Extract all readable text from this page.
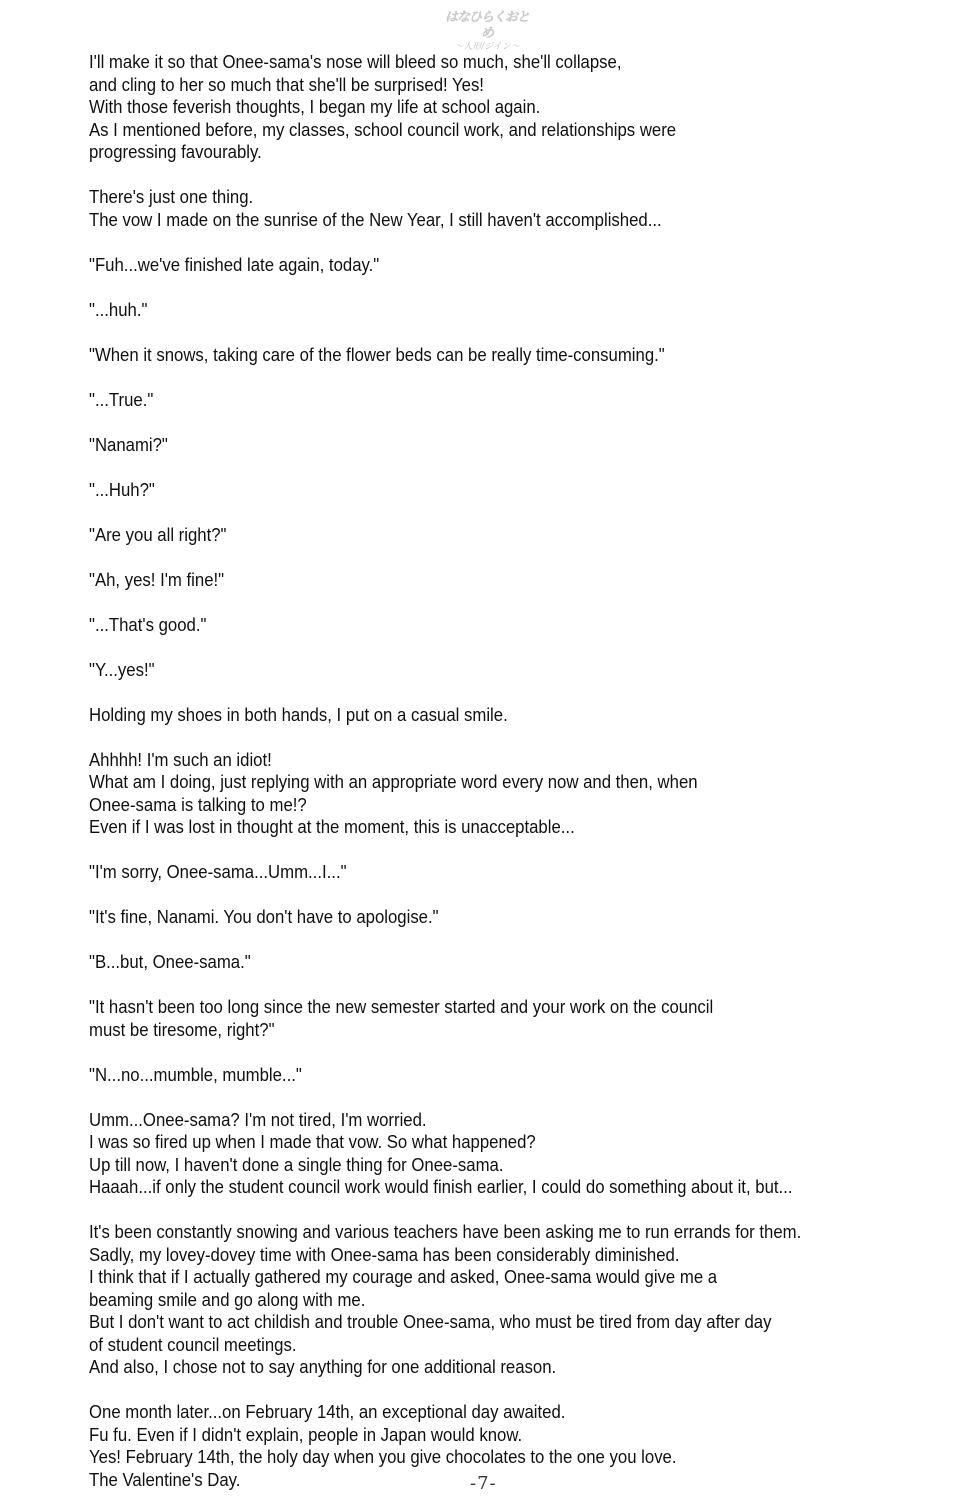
はなひらくおとめ
〜人形/ジイン〜
I'll make it so that Onee-sama's nose will bleed so much, she'll collapse,
and cling to her so much that she'll be surprised! Yes!
With those feverish thoughts, I began my life at school again.
As I mentioned before, my classes, school council work, and relationships were
progressing favourably.
There's just one thing.
The vow I made on the sunrise of the New Year, I still haven't accomplished...
"Fuh...we've finished late again, today."
"...huh."
"When it snows, taking care of the flower beds can be really time-consuming."
"...True."
"Nanami?"
"...Huh?"
"Are you all right?"
"Ah, yes! I'm fine!"
"...That's good."
"Y...yes!"
Holding my shoes in both hands, I put on a casual smile.
Ahhhh! I'm such an idiot!
What am I doing, just replying with an appropriate word every now and then, when
Onee-sama is talking to me!?
Even if I was lost in thought at the moment, this is unacceptable...
"I'm sorry, Onee-sama...Umm...I..."
"It's fine, Nanami. You don't have to apologise."
"B...but, Onee-sama."
"It hasn't been too long since the new semester started and your work on the council
must be tiresome, right?"
"N...no...mumble, mumble..."
Umm...Onee-sama? I'm not tired, I'm worried.
I was so fired up when I made that vow. So what happened?
Up till now, I haven't done a single thing for Onee-sama.
Haaah...if only the student council work would finish earlier, I could do something about it, but...
It's been constantly snowing and various teachers have been asking me to run errands for them.
Sadly, my lovey-dovey time with Onee-sama has been considerably diminished.
I think that if I actually gathered my courage and asked, Onee-sama would give me a
beaming smile and go along with me.
But I don't want to act childish and trouble Onee-sama, who must be tired from day after day
of student council meetings.
And also, I chose not to say anything for one additional reason.
One month later...on February 14th, an exceptional day awaited.
Fu fu. Even if I didn't explain, people in Japan would know.
Yes! February 14th, the holy day when you give chocolates to the one you love.
The Valentine's Day.	-7-
